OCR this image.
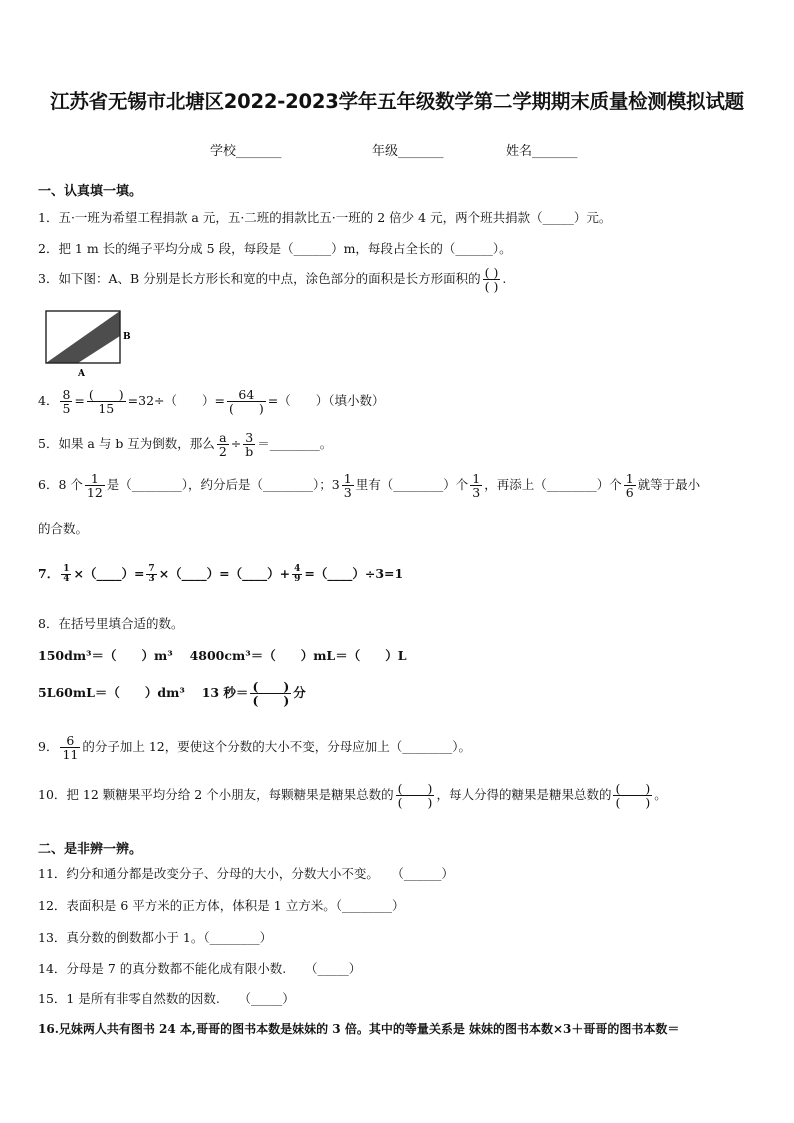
江苏省无锡市北塘区2022-2023学年五年级数学第二学期期末质量检测模拟试题
学校_______	年级_______	姓名_______
一、认真填一填。
1．五·一班为希望工程捐款 a 元，五·二班的捐款比五·一班的 2 倍少 4 元，两个班共捐款（_____）元。
2．把 1 m 长的绳子平均分成 5 段，每段是（______）m，每段占全长的（______）。
3．如下图：A、B 分别是长方形长和宽的中点，涂色部分的面积是长方形面积的 $\frac{( )}{( )}$ .
A
B
4． $\frac{8}{5} = \frac{( )}{15} =32\div$（　　）= $\frac{64}{( )}$ =（　　）（填小数）
5．如果 a 与 b 互为倒数，那么 $\frac{a}{2} \div \frac{3}{b}$ ＝________。
6．8 个 $\frac{1}{12}$ 是（________），约分后是（________）；$3 \frac{1}{3}$ 里有（________）个 $\frac{1}{3}$ ，再添上（________）个 $\frac{1}{6}$ 就等于最小
的合数。
7． $\frac{1}{4}$ ×（____）= $\frac{7}{3}$ ×（____）=（____）+ $\frac{4}{9}$ =（____）÷3=1
8．在括号里填合适的数。
150dm³＝（　　）m³　 4800cm³＝（　　）mL＝（　　）L
5L60mL＝（　　）dm³　 13 秒＝ $\frac{( )}{( )}$ 分
9． $\frac{6}{11}$ 的分子加上 12，要使这个分数的大小不变，分母应加上（________）。
10．把 12 颗糖果平均分给 2 个小朋友，每颗糖果是糖果总数的 $\frac{( )}{( )}$ ，每人分得的糖果是糖果总数的 $\frac{( )}{( )}$ 。
二、是非辨一辨。
11．约分和通分都是改变分子、分母的大小，分数大小不变。　　（______）
12．表面积是 6 平方米的正方体，体积是 1 立方米。（________）
13．真分数的倒数都小于 1。（________）
14．分母是 7 的真分数都不能化成有限小数.　　（_____）
15．1 是所有非零自然数的因数.　　（_____）
16.兄妹两人共有图书 24 本,哥哥的图书本数是妹妹的 3 倍。其中的等量关系是 妹妹的图书本数×3＋哥哥的图书本数＝
